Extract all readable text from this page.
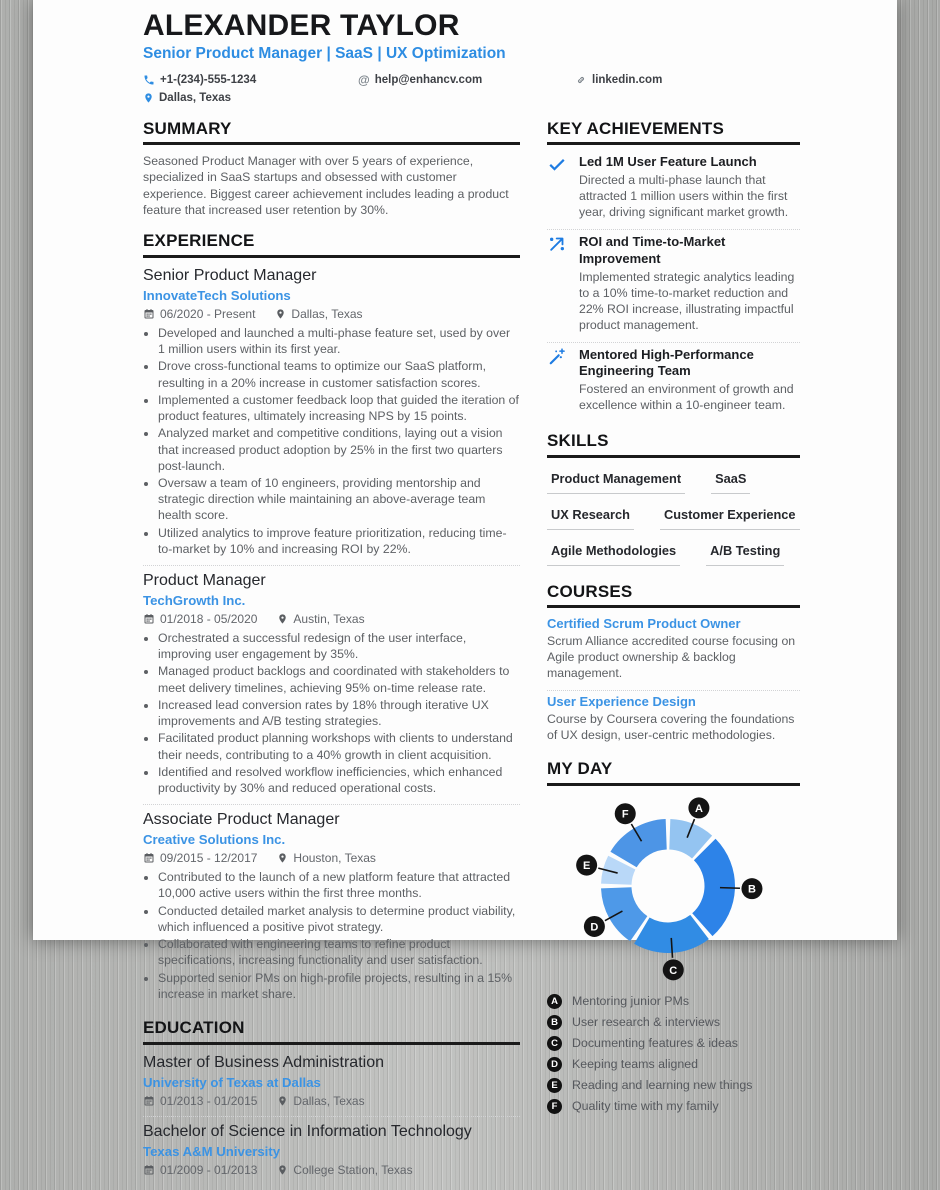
ALEXANDER TAYLOR
Senior Product Manager | SaaS | UX Optimization
+1-(234)-555-1234	@ help@enhancv.com	linkedin.com
Dallas, Texas
SUMMARY

Seasoned Product Manager with over 5 years of experience, specialized in SaaS startups and obsessed with customer experience. Biggest career achievement includes leading a product feature that increased user retention by 30%.

EXPERIENCE
Senior Product Manager
InnovateTech Solutions
06/2020 - Present	Dallas, Texas
• Developed and launched a multi-phase feature set, used by over 1 million users within its first year.
• Drove cross-functional teams to optimize our SaaS platform, resulting in a 20% increase in customer satisfaction scores.
• Implemented a customer feedback loop that guided the iteration of product features, ultimately increasing NPS by 15 points.
• Analyzed market and competitive conditions, laying out a vision that increased product adoption by 25% in the first two quarters post-launch.
• Oversaw a team of 10 engineers, providing mentorship and strategic direction while maintaining an above-average team health score.
• Utilized analytics to improve feature prioritization, reducing time-to-market by 10% and increasing ROI by 22%.
Product Manager
TechGrowth Inc.
01/2018 - 05/2020	Austin, Texas
• Orchestrated a successful redesign of the user interface, improving user engagement by 35%.
• Managed product backlogs and coordinated with stakeholders to meet delivery timelines, achieving 95% on-time release rate.
• Increased lead conversion rates by 18% through iterative UX improvements and A/B testing strategies.
• Facilitated product planning workshops with clients to understand their needs, contributing to a 40% growth in client acquisition.
• Identified and resolved workflow inefficiencies, which enhanced productivity by 30% and reduced operational costs.
Associate Product Manager
Creative Solutions Inc.
09/2015 - 12/2017	Houston, Texas
• Contributed to the launch of a new platform feature that attracted 10,000 active users within the first three months.
• Conducted detailed market analysis to determine product viability, which influenced a positive pivot strategy.
• Collaborated with engineering teams to refine product specifications, increasing functionality and user satisfaction.
• Supported senior PMs on high-profile projects, resulting in a 15% increase in market share.
EDUCATION
Master of Business Administration
University of Texas at Dallas
01/2013 - 01/2015	Dallas, Texas
Bachelor of Science in Information Technology
Texas A&M University
01/2009 - 01/2013	College Station, Texas
KEY ACHIEVEMENTS
Led 1M User Feature Launch
Directed a multi-phase launch that attracted 1 million users within the first year, driving significant market growth.
ROI and Time-to-Market Improvement
Implemented strategic analytics leading to a 10% time-to-market reduction and 22% ROI increase, illustrating impactful product management.
Mentored High-Performance Engineering Team
Fostered an environment of growth and excellence within a 10-engineer team.
SKILLS
Product Management	SaaS
UX Research	Customer Experience
Agile Methodologies	A/B Testing
COURSES
Certified Scrum Product Owner
Scrum Alliance accredited course focusing on Agile product ownership & backlog management.
User Experience Design
Course by Coursera covering the foundations of UX design, user-centric methodologies.
MY DAY
A
B
C
D
E
F
A	Mentoring junior PMs
B	User research & interviews
C	Documenting features & ideas
D	Keeping teams aligned
E	Reading and learning new things
F	Quality time with my family
